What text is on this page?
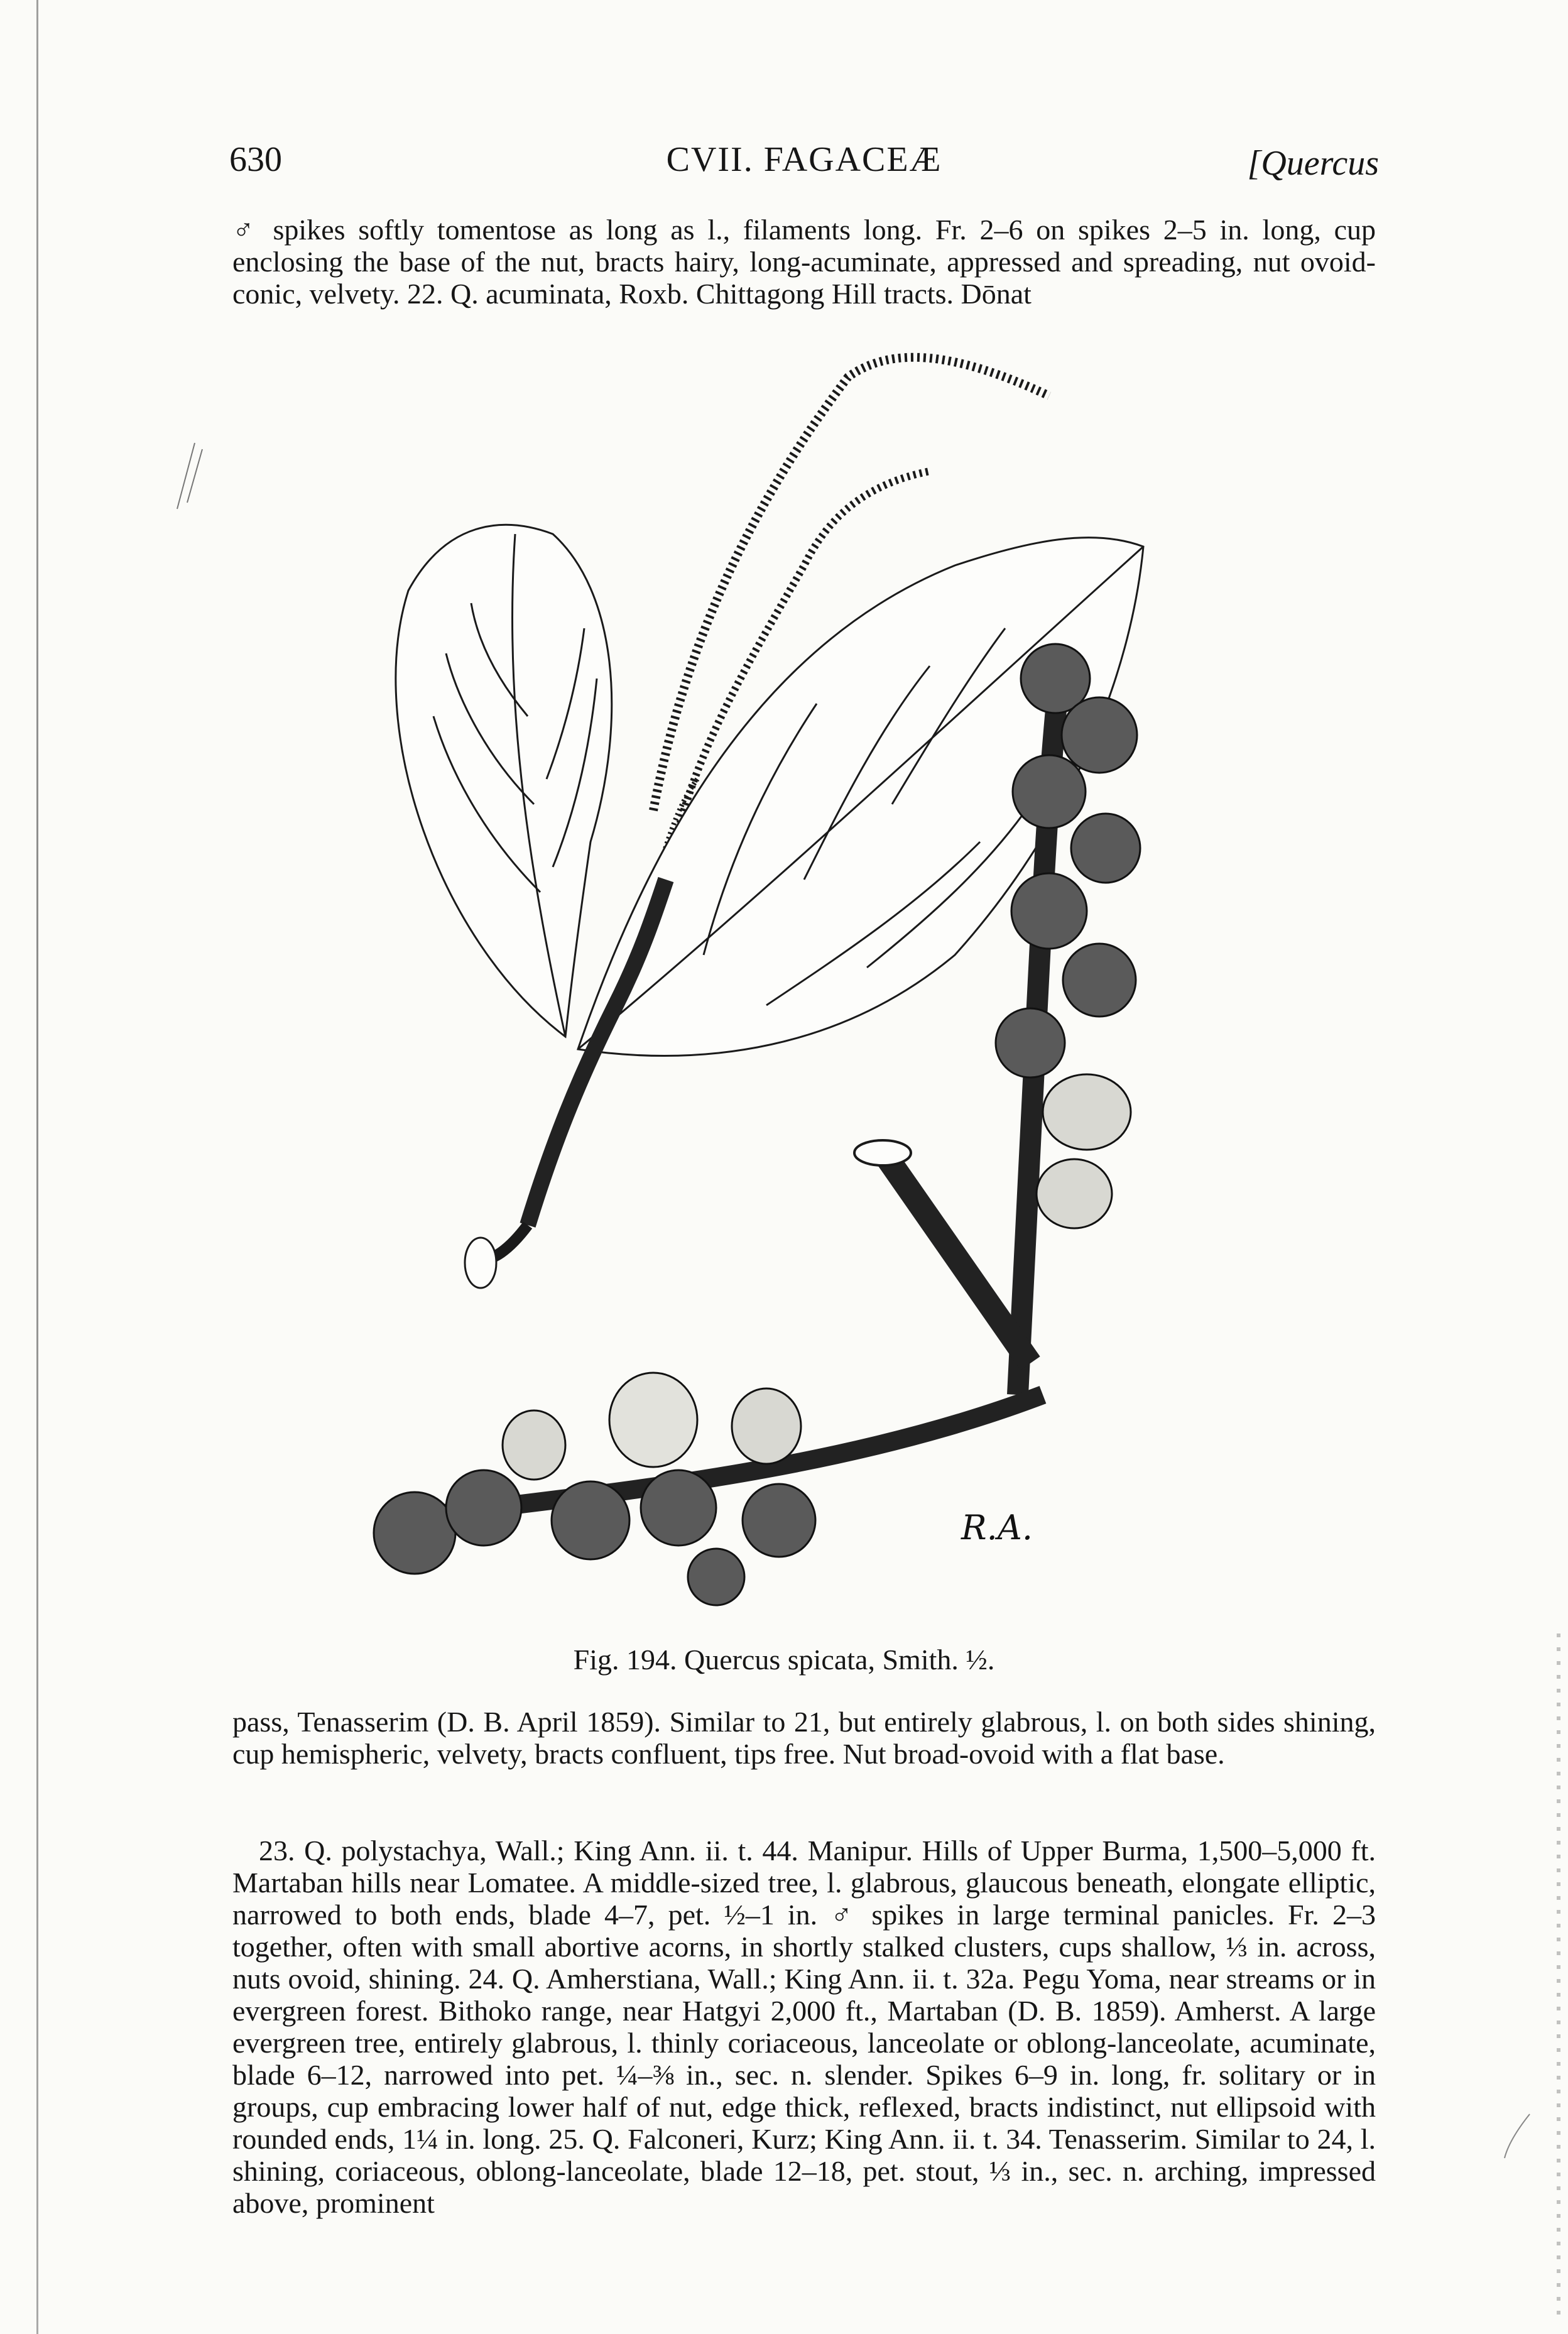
630	CVII. FAGACEÆ	[Quercus

♂ spikes softly tomentose as long as l., filaments long. Fr. 2–6 on spikes 2–5 in. long, cup enclosing the base of the nut, bracts hairy, long-acuminate, appressed and spreading, nut ovoid-conic, velvety. 22. Q. acuminata, Roxb. Chittagong Hill tracts. Dōnat

R.A.
Fig. 194. Quercus spicata, Smith. ½.

pass, Tenasserim (D. B. April 1859). Similar to 21, but entirely glabrous, l. on both sides shining, cup hemispheric, velvety, bracts confluent, tips free. Nut broad-ovoid with a flat base.

23. Q. polystachya, Wall.; King Ann. ii. t. 44. Manipur. Hills of Upper Burma, 1,500–5,000 ft. Martaban hills near Lomatee. A middle-sized tree, l. glabrous, glaucous beneath, elongate elliptic, narrowed to both ends, blade 4–7, pet. ½–1 in. ♂ spikes in large terminal panicles. Fr. 2–3 together, often with small abortive acorns, in shortly stalked clusters, cups shallow, ⅓ in. across, nuts ovoid, shining. 24. Q. Amherstiana, Wall.; King Ann. ii. t. 32a. Pegu Yoma, near streams or in evergreen forest. Bithoko range, near Hatgyi 2,000 ft., Martaban (D. B. 1859). Amherst. A large evergreen tree, entirely glabrous, l. thinly coriaceous, lanceolate or oblong-lanceolate, acuminate, blade 6–12, narrowed into pet. ¼–⅜ in., sec. n. slender. Spikes 6–9 in. long, fr. solitary or in groups, cup embracing lower half of nut, edge thick, reflexed, bracts indistinct, nut ellipsoid with rounded ends, 1¼ in. long. 25. Q. Falconeri, Kurz; King Ann. ii. t. 34. Tenasserim. Similar to 24, l. shining, coriaceous, oblong-lanceolate, blade 12–18, pet. stout, ⅓ in., sec. n. arching, impressed above, prominent
